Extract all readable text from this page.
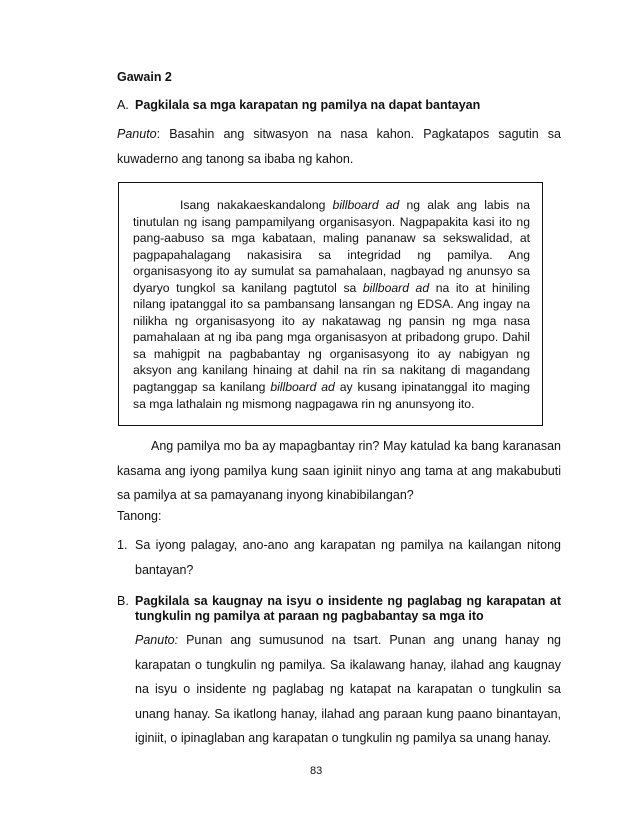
Gawain 2
A. Pagkilala sa mga karapatan ng pamilya na dapat bantayan
Panuto: Basahin ang sitwasyon na nasa kahon. Pagkatapos sagutin sa kuwaderno ang tanong sa ibaba ng kahon.
Isang nakakaeskandalong billboard ad ng alak ang labis na tinutulan ng isang pampamilyang organisasyon. Nagpapakita kasi ito ng pang-aabuso sa mga kabataan, maling pananaw sa sekswalidad, at pagpapahalagang nakasisira sa integridad ng pamilya. Ang organisasyong ito ay sumulat sa pamahalaan, nagbayad ng anunsyo sa dyaryo tungkol sa kanilang pagtutol sa billboard ad na ito at hiniling nilang ipatanggal ito sa pambansang lansangan ng EDSA. Ang ingay na nilikha ng organisasyong ito ay nakatawag ng pansin ng mga nasa pamahalaan at ng iba pang mga organisasyon at pribadong grupo. Dahil sa mahigpit na pagbabantay ng organisasyong ito ay nabigyan ng aksyon ang kanilang hinaing at dahil na rin sa nakitang di magandang pagtanggap sa kanilang billboard ad ay kusang ipinatanggal ito maging sa mga lathalain ng mismong nagpagawa rin ng anunsyong ito.
Ang pamilya mo ba ay mapagbantay rin? May katulad ka bang karanasan kasama ang iyong pamilya kung saan iginiit ninyo ang tama at ang makabubuti sa pamilya at sa pamayanang inyong kinabibilangan?
Tanong:
1. Sa iyong palagay, ano-ano ang karapatan ng pamilya na kailangan nitong bantayan?
B. Pagkilala sa kaugnay na isyu o insidente ng paglabag ng karapatan at tungkulin ng pamilya at paraan ng pagbabantay sa mga ito
Panuto: Punan ang sumusunod na tsart. Punan ang unang hanay ng karapatan o tungkulin ng pamilya. Sa ikalawang hanay, ilahad ang kaugnay na isyu o insidente ng paglabag ng katapat na karapatan o tungkulin sa unang hanay. Sa ikatlong hanay, ilahad ang paraan kung paano binantayan, iginiit, o ipinaglaban ang karapatan o tungkulin ng pamilya sa unang hanay.
83
